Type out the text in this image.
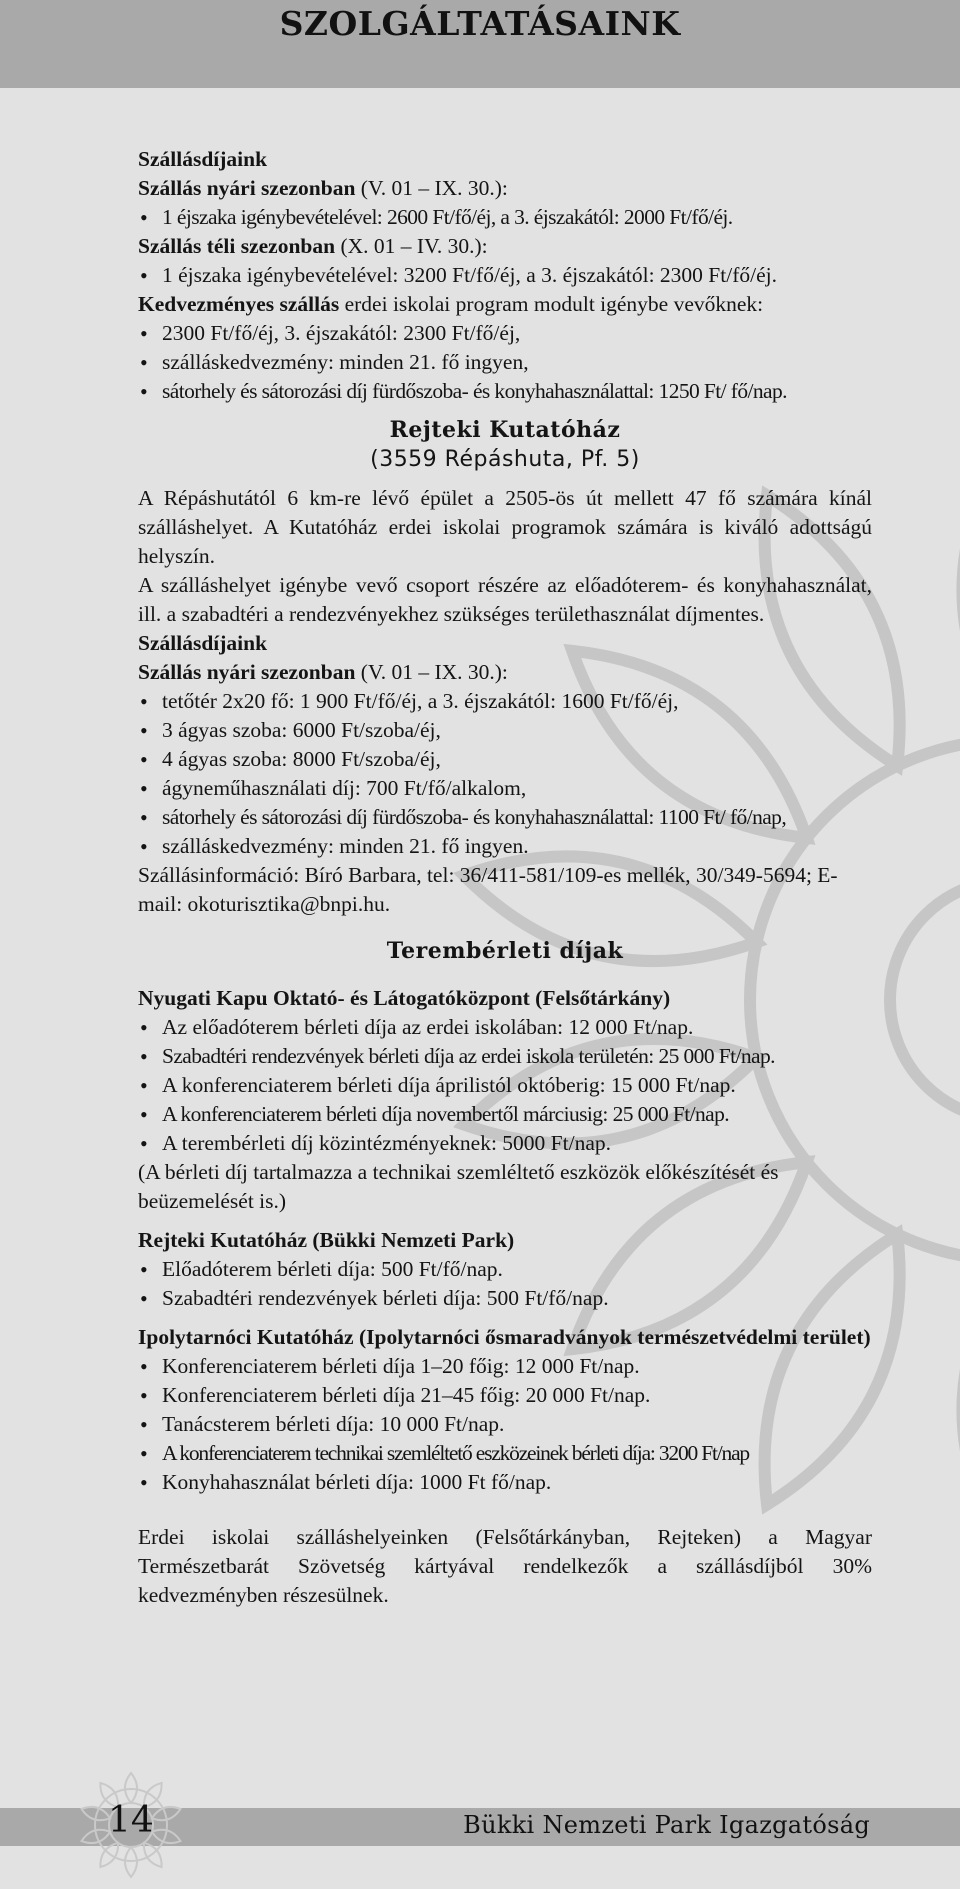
SZOLGÁLTATÁSAINK

Szállásdíjaink

Szállás nyári szezonban (V. 01 – IX. 30.):

• 1 éjszaka igénybevételével: 2600 Ft/fő/éj, a 3. éjszakától: 2000 Ft/fő/éj.

Szállás téli szezonban (X. 01 – IV. 30.):

• 1 éjszaka igénybevételével: 3200 Ft/fő/éj, a 3. éjszakától: 2300 Ft/fő/éj.

Kedvezményes szállás erdei iskolai program modult igénybe vevőknek:

• 2300 Ft/fő/éj, 3. éjszakától: 2300 Ft/fő/éj,
• szálláskedvezmény: minden 21. fő ingyen,
• sátorhely és sátorozási díj fürdőszoba- és konyhahasználattal: 1250 Ft/ fő/nap.

Rejteki Kutatóház

(3559 Répáshuta, Pf. 5)

A Répáshutától 6 km-re lévő épület a 2505-ös út mellett 47 fő számára kínál szálláshelyet. A Kutatóház erdei iskolai programok számára is kiváló adottságú helyszín.

A szálláshelyet igénybe vevő csoport részére az előadóterem- és konyhahasználat, ill. a szabadtéri a rendezvényekhez szükséges területhasználat díjmentes.

Szállásdíjaink

Szállás nyári szezonban (V. 01 – IX. 30.):

• tetőtér 2x20 fő: 1 900 Ft/fő/éj, a 3. éjszakától: 1600 Ft/fő/éj,
• 3 ágyas szoba: 6000 Ft/szoba/éj,
• 4 ágyas szoba: 8000 Ft/szoba/éj,
• ágyneműhasználati díj: 700 Ft/fő/alkalom,
• sátorhely és sátorozási díj fürdőszoba- és konyhahasználattal: 1100 Ft/ fő/nap,
• szálláskedvezmény: minden 21. fő ingyen.

Szállásinformáció: Bíró Barbara, tel: 36/411-581/109-es mellék, 30/349-5694; E-mail: okoturisztika@bnpi.hu.

Terembérleti díjak

Nyugati Kapu Oktató- és Látogatóközpont (Felsőtárkány)

• Az előadóterem bérleti díja az erdei iskolában: 12 000 Ft/nap.
• Szabadtéri rendezvények bérleti díja az erdei iskola területén: 25 000 Ft/nap.
• A konferenciaterem bérleti díja áprilistól októberig: 15 000 Ft/nap.
• A konferenciaterem bérleti díja novembertől márciusig: 25 000 Ft/nap.
• A terembérleti díj közintézményeknek: 5000 Ft/nap.

(A bérleti díj tartalmazza a technikai szemléltető eszközök előkészítését és beüzemelését is.)

Rejteki Kutatóház (Bükki Nemzeti Park)

• Előadóterem bérleti díja: 500 Ft/fő/nap.
• Szabadtéri rendezvények bérleti díja: 500 Ft/fő/nap.

Ipolytarnóci Kutatóház (Ipolytarnóci ősmaradványok természetvédelmi terület)

• Konferenciaterem bérleti díja 1–20 főig: 12 000 Ft/nap.
• Konferenciaterem bérleti díja 21–45 főig: 20 000 Ft/nap.
• Tanácsterem bérleti díja: 10 000 Ft/nap.
• A konferenciaterem technikai szemléltető eszközeinek bérleti díja: 3200 Ft/nap
• Konyhahasználat bérleti díja: 1000 Ft fő/nap.

Erdei iskolai szálláshelyeinken (Felsőtárkányban, Rejteken) a Magyar Természetbarát Szövetség kártyával rendelkezők a szállásdíjból 30% kedvezményben részesülnek.

14	Bükki Nemzeti Park Igazgatóság
